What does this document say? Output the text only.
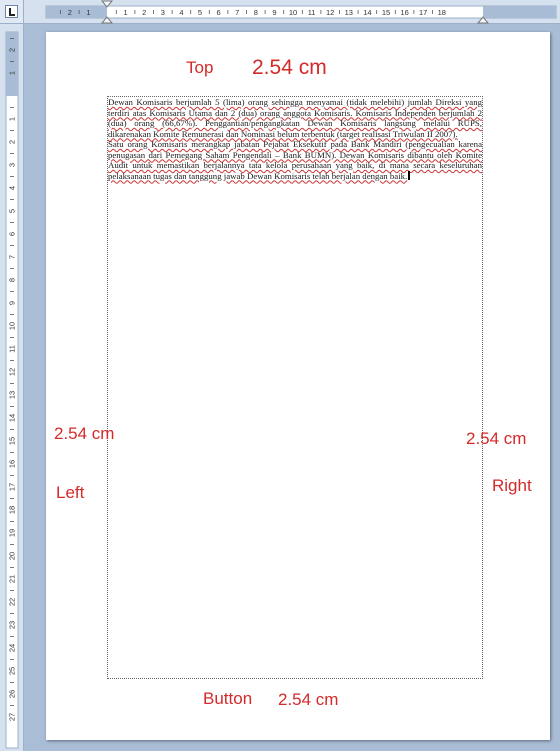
2 1	1 2 3 4 5 6 7 8 9 10 11 12 13 14 15 16 17 18
2
1
1
2
3
4
5
6
7
8
9
10
11
12
13
14
15
16
17
18
19
20
21
22
23
24
25
26
27

Dewan Komisaris berjumlah 5 (lima) orang sehingga menyamai (tidak melebihi) jumlah Direksi yang terdiri atas Komisaris Utama dan 2 (dua) orang anggota Komisaris. Komisaris Independen berjumlah 2 (dua) orang (66,67%). Penggantian/pengangkatan Dewan Komisaris langsung melalui RUPS, dikarenakan Komite Remunerasi dan Nominasi belum terbentuk (target realisasi Triwulan II 2007).

Satu orang Komisaris merangkap jabatan Pejabat Eksekutif pada Bank Mandiri (pengecualian karena penugasan dari Pemegang Saham Pengendali – Bank BUMN). Dewan Komisaris dibantu oleh Komite Audit untuk memastikan berjalannya tata kelola perusahaan yang baik, di mana secara keseluruhan pelaksanaan tugas dan tanggung jawab Dewan Komisaris telah berjalan dengan baik.

Top 2.54 cm
2.54 cm
Left
2.54 cm
Right
Button 2.54 cm
